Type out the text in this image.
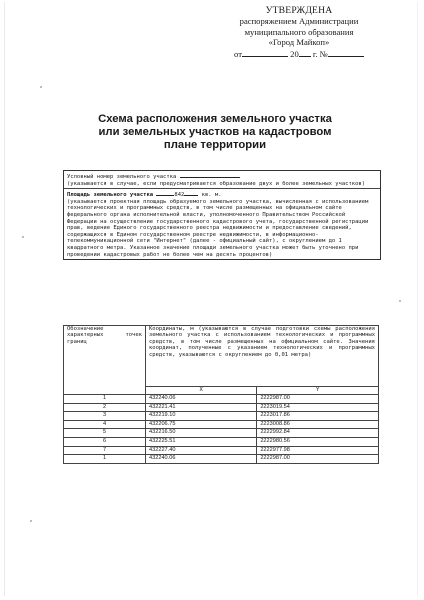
УТВЕРЖДЕНА
распоряжением Администрации
муниципального образования
«Город Майкоп»
от	20 г. №
Схема расположения земельного участка
или земельных участков на кадастровом
плане территории
Условный номер земельного участка
(указывается в случае, если предусматривается образование двух и более земельных участков)
Площадь земельного участка	842	кв. м.
(указывается проектная площадь образуемого земельного участка, вычисленная с использованием технологических и программных средств, в том числе размещенных на официальном сайте федерального органа исполнительной власти, уполномоченного Правительством Российской Федерации на осуществление государственного кадастрового учета, государственной регистрации прав, ведение Единого государственного реестра недвижимости и предоставление сведений, содержащихся в Едином государственном реестре недвижимости, в информационно-телекоммуникационной сети "Интернет" (далее - официальный сайт), с округлением до 1 квадратного метра. Указанное значение площади земельного участка может быть уточнено при проведении кадастровых работ не более чем на десять процентов)
Обозначение характерных точек границ	Координаты, м (указываются в случае подготовки схемы расположения земельного участка с использованием технологических и программных средств, в том числе размещенных на официальном сайте. Значения координат, полученные с указанием технологических и программных средств, указываются с округлением до 0,01 метра)	
	X	Y
1	432240.06	2222987.00
2	432221.41	2223019.54
3	432219.10	2223017.86
4	432206.75	2223008.86
5	432216.50	2222992.84
6	432225.51	2222980.56
7	432227.40	2222977.98
1	432240.06	2222987.00
